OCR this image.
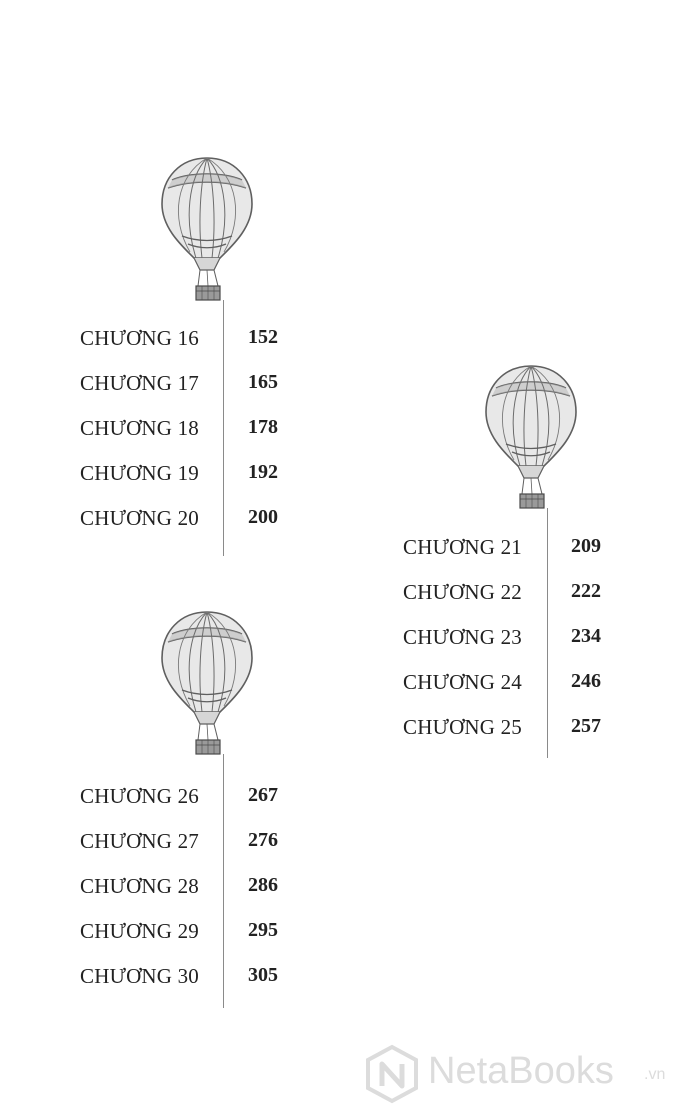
CHƯƠNG 16 152
CHƯƠNG 17 165
CHƯƠNG 18 178
CHƯƠNG 19 192
CHƯƠNG 20 200
CHƯƠNG 21 209
CHƯƠNG 22 222
CHƯƠNG 23 234
CHƯƠNG 24 246
CHƯƠNG 25 257
CHƯƠNG 26 267
CHƯƠNG 27 276
CHƯƠNG 28 286
CHƯƠNG 29 295
CHƯƠNG 30 305
NetaBooks .vn
